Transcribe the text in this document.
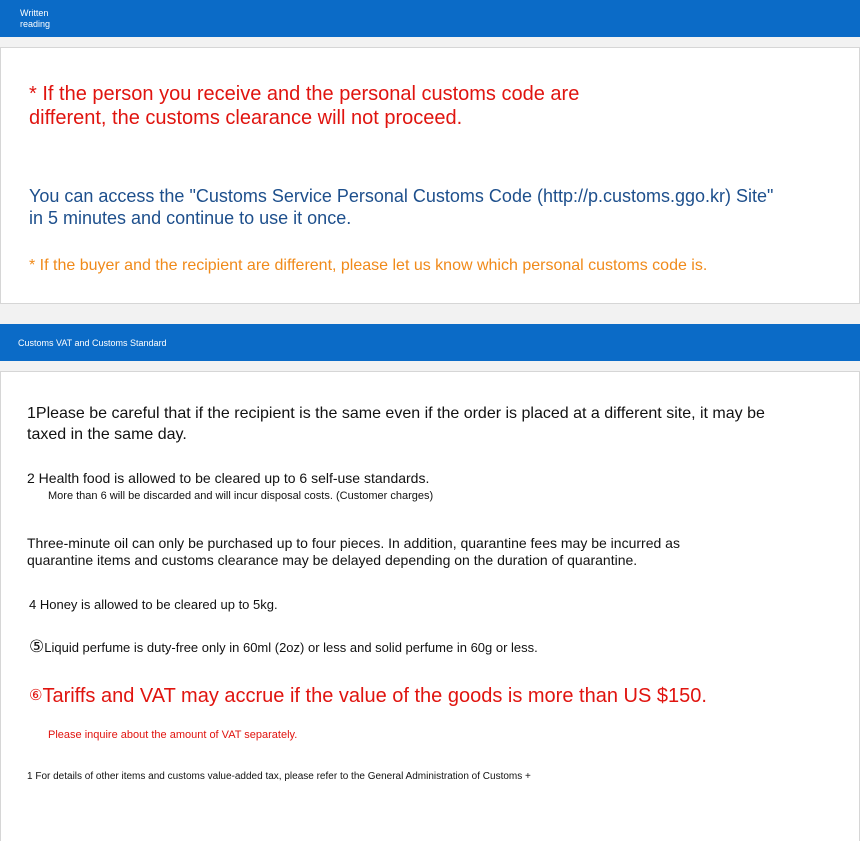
Written reading

* If the person you receive and the personal customs code are different, the customs clearance will not proceed.

You can access the "Customs Service Personal Customs Code (http://p.customs.ggo.kr) Site" in 5 minutes and continue to use it once.

* If the buyer and the recipient are different, please let us know which personal customs code is.

Customs VAT and Customs Standard

1Please be careful that if the recipient is the same even if the order is placed at a different site, it may be taxed in the same day.

2 Health food is allowed to be cleared up to 6 self-use standards.

More than 6 will be discarded and will incur disposal costs. (Customer charges)

Three-minute oil can only be purchased up to four pieces. In addition, quarantine fees may be incurred as quarantine items and customs clearance may be delayed depending on the duration of quarantine.

4 Honey is allowed to be cleared up to 5kg.

⑤Liquid perfume is duty-free only in 60ml (2oz) or less and solid perfume in 60g or less.

⑥Tariffs and VAT may accrue if the value of the goods is more than US $150.

Please inquire about the amount of VAT separately.

1 For details of other items and customs value-added tax, please refer to the General Administration of Customs +
